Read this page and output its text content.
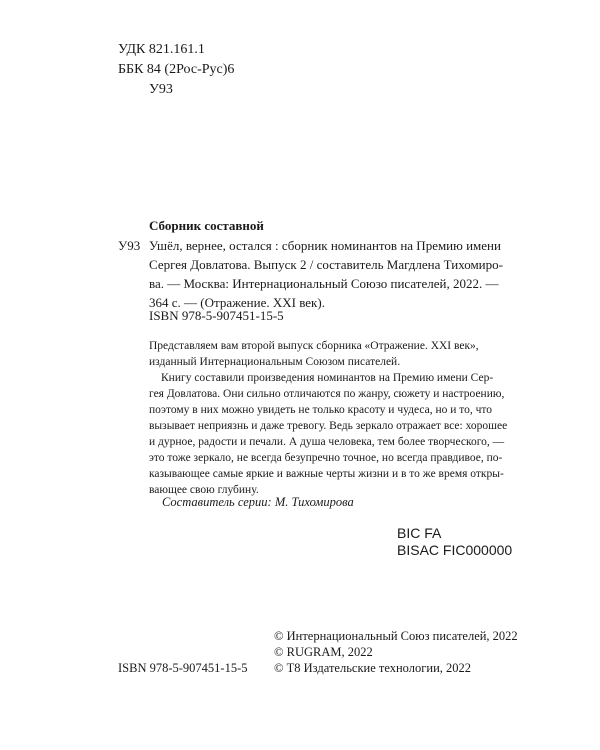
УДК 821.161.1
ББК 84 (2Рос-Рус)6
У93
Сборник составной
У93 Ушёл, вернее, остался : сборник номинантов на Премию имени
Сергея Довлатова. Выпуск 2 / составитель Магдлена Тихомиро-
ва. — Москва: Интернациональный Союзо писателей, 2022. —
364 с. — (Отражение. XXI век).
ISBN 978-5-907451-15-5
Представляем вам второй выпуск сборника «Отражение. XXI век»,
изданный Интернациональным Союзом писателей.
Книгу составили произведения номинантов на Премию имени Сер-
гея Довлатова. Они сильно отличаются по жанру, сюжету и настроению,
поэтому в них можно увидеть не только красоту и чудеса, но и то, что
вызывает неприязнь и даже тревогу. Ведь зеркало отражает все: хорошее
и дурное, радости и печали. А душа человека, тем более творческого, —
это тоже зеркало, не всегда безупречно точное, но всегда правдивое, по-
казывающее самые яркие и важные черты жизни и в то же время откры-
вающее свою глубину.
Составитель серии: М. Тихомирова
BIC FA
BISAC FIC000000
© Интернациональный Союз писателей, 2022
© RUGRAM, 2022
© Т8 Издательские технологии, 2022
ISBN 978-5-907451-15-5
